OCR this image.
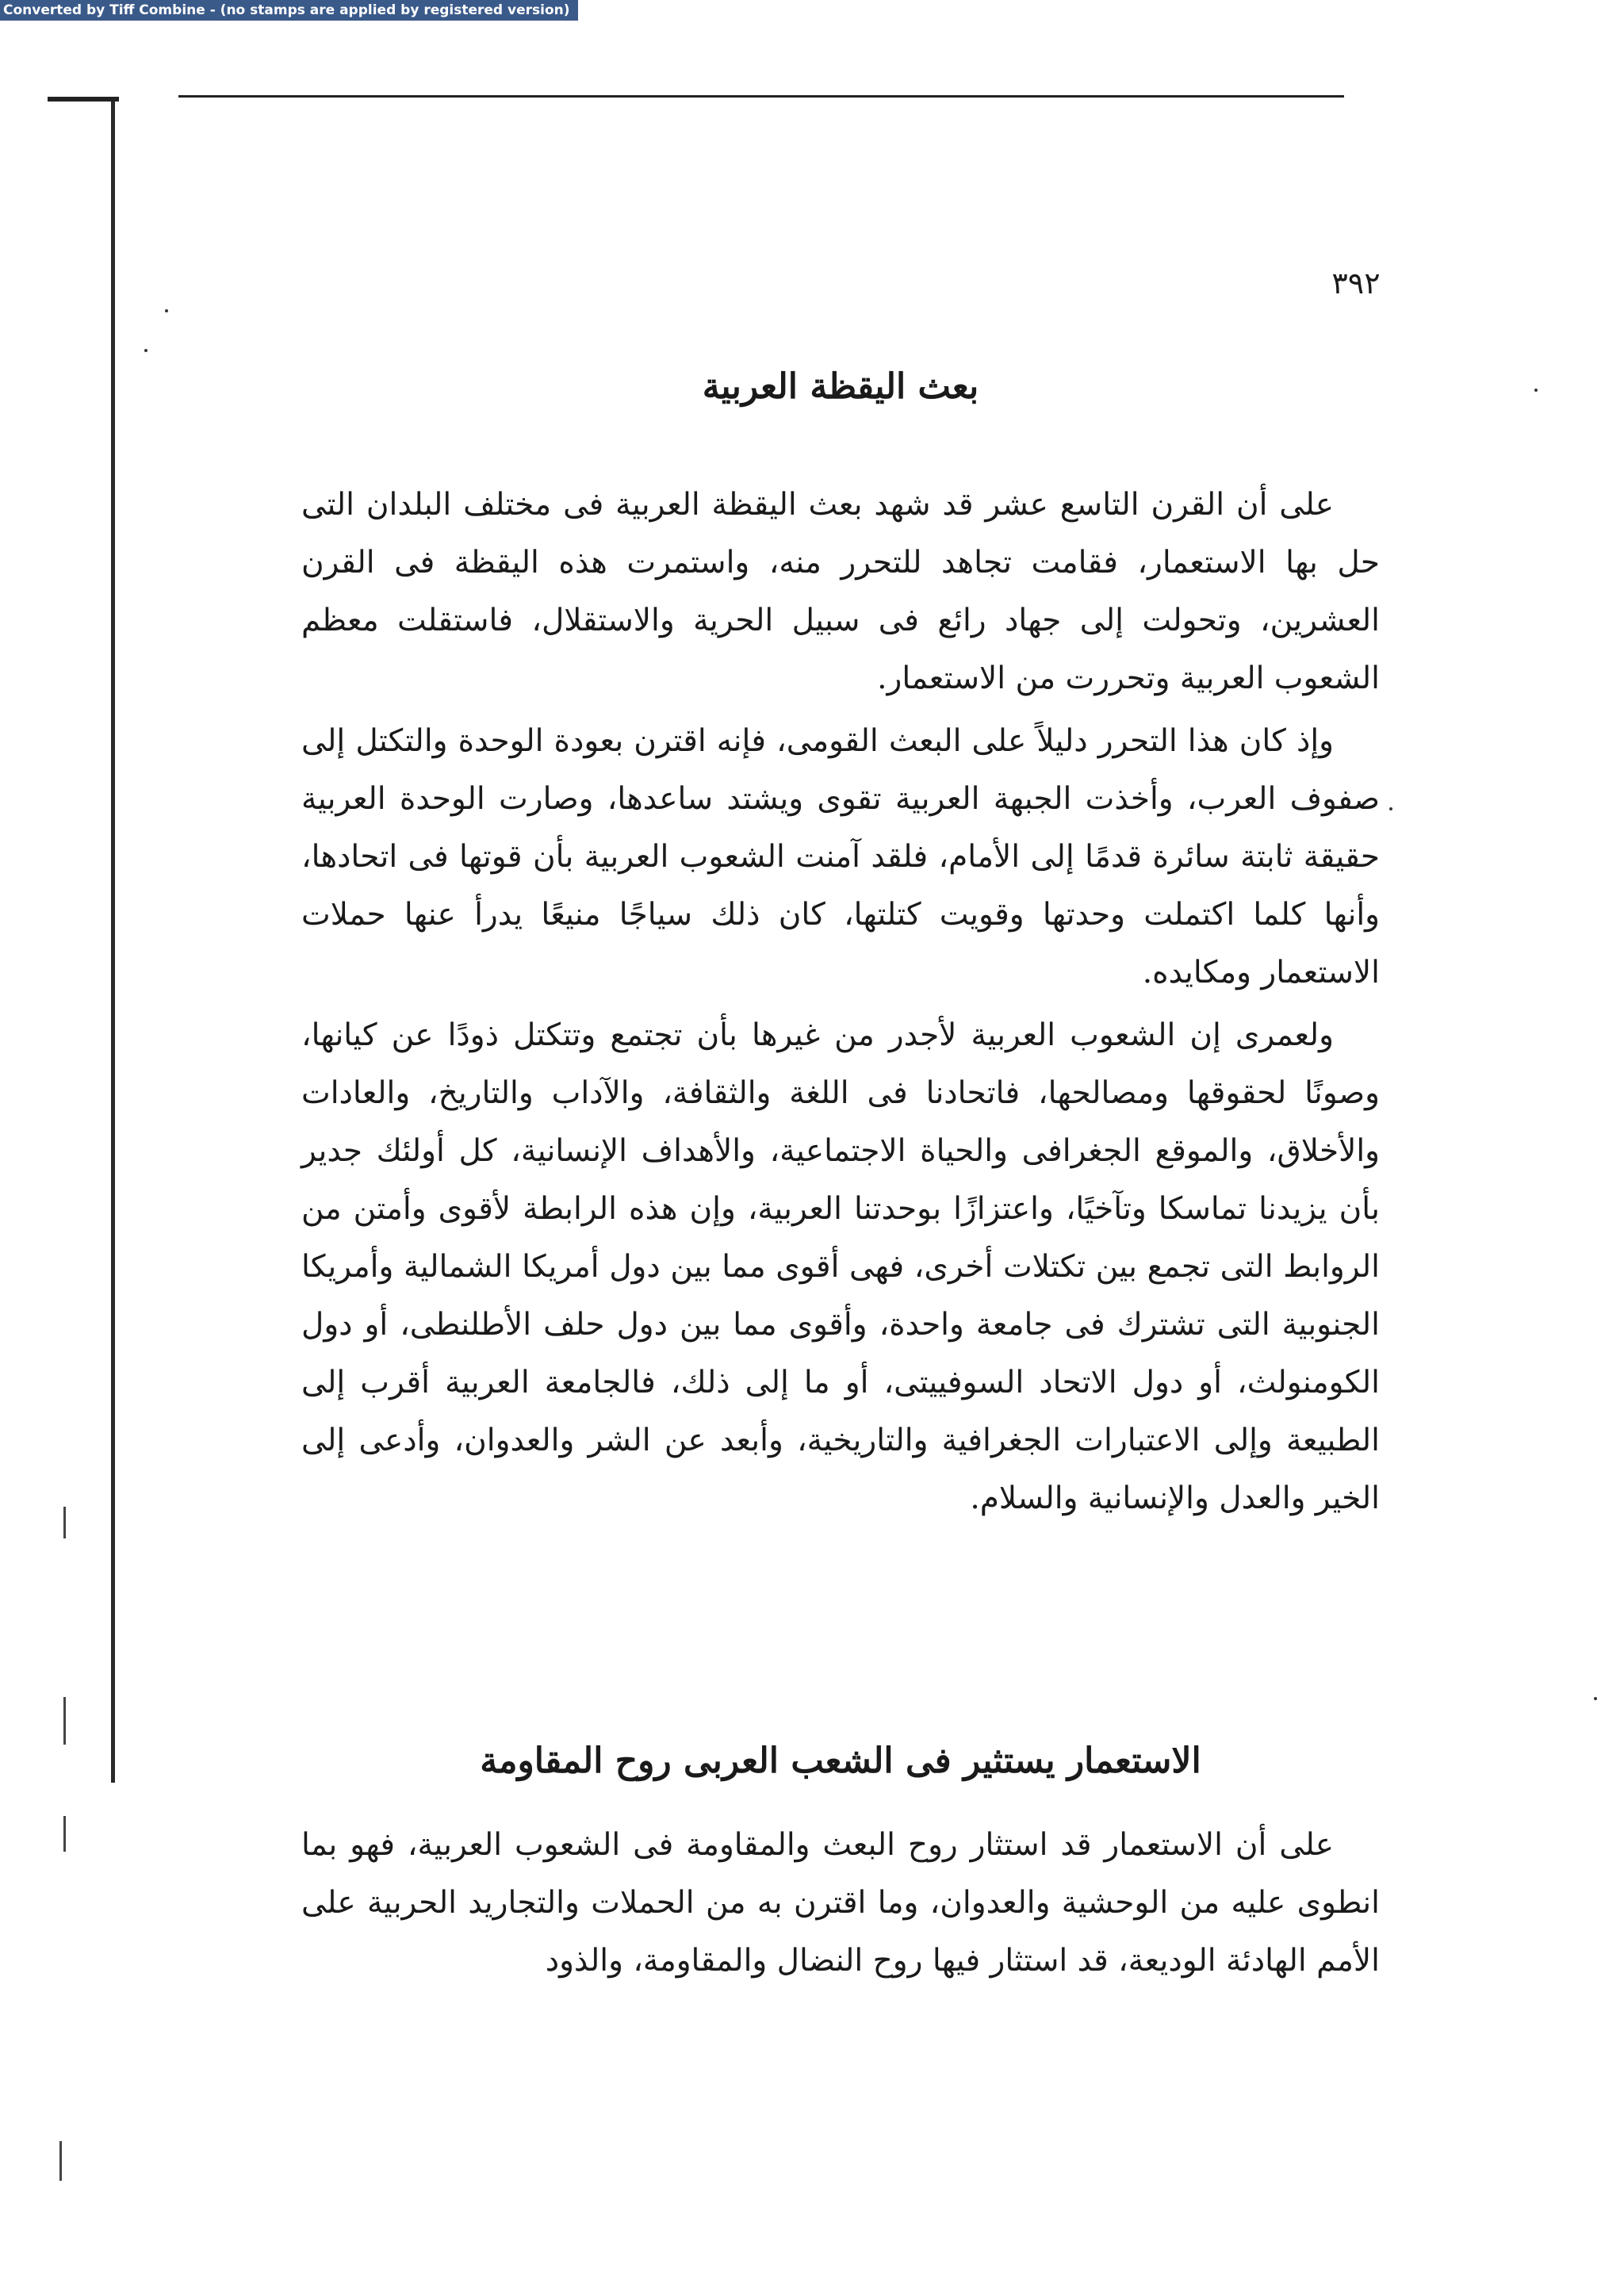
Converted by Tiff Combine - (no stamps are applied by registered version)
٣٩٢
بعث اليقظة العربية

على أن القرن التاسع عشر قد شهد بعث اليقظة العربية فى مختلف البلدان التى حل بها الاستعمار، فقامت تجاهد للتحرر منه، واستمرت هذه اليقظة فى القرن العشرين، وتحولت إلى جهاد رائع فى سبيل الحرية والاستقلال، فاستقلت معظم الشعوب العربية وتحررت من الاستعمار.

وإذ كان هذا التحرر دليلاً على البعث القومى، فإنه اقترن بعودة الوحدة والتكتل إلى صفوف العرب، وأخذت الجبهة العربية تقوى ويشتد ساعدها، وصارت الوحدة العربية حقيقة ثابتة سائرة قدمًا إلى الأمام، فلقد آمنت الشعوب العربية بأن قوتها فى اتحادها، وأنها كلما اكتملت وحدتها وقويت كتلتها، كان ذلك سياجًا منيعًا يدرأ عنها حملات الاستعمار ومكايده.

ولعمرى إن الشعوب العربية لأجدر من غيرها بأن تجتمع وتتكتل ذودًا عن كيانها، وصونًا لحقوقها ومصالحها، فاتحادنا فى اللغة والثقافة، والآداب والتاريخ، والعادات والأخلاق، والموقع الجغرافى والحياة الاجتماعية، والأهداف الإنسانية، كل أولئك جدير بأن يزيدنا تماسكا وتآخيًا، واعتزازًا بوحدتنا العربية، وإن هذه الرابطة لأقوى وأمتن من الروابط التى تجمع بين تكتلات أخرى، فهى أقوى مما بين دول أمريكا الشمالية وأمريكا الجنوبية التى تشترك فى جامعة واحدة، وأقوى مما بين دول حلف الأطلنطى، أو دول الكومنولث، أو دول الاتحاد السوفييتى، أو ما إلى ذلك، فالجامعة العربية أقرب إلى الطبيعة وإلى الاعتبارات الجغرافية والتاريخية، وأبعد عن الشر والعدوان، وأدعى إلى الخير والعدل والإنسانية والسلام.

الاستعمار يستثير فى الشعب العربى روح المقاومة

على أن الاستعمار قد استثار روح البعث والمقاومة فى الشعوب العربية، فهو بما انطوى عليه من الوحشية والعدوان، وما اقترن به من الحملات والتجاريد الحربية على الأمم الهادئة الوديعة، قد استثار فيها روح النضال والمقاومة، والذود
